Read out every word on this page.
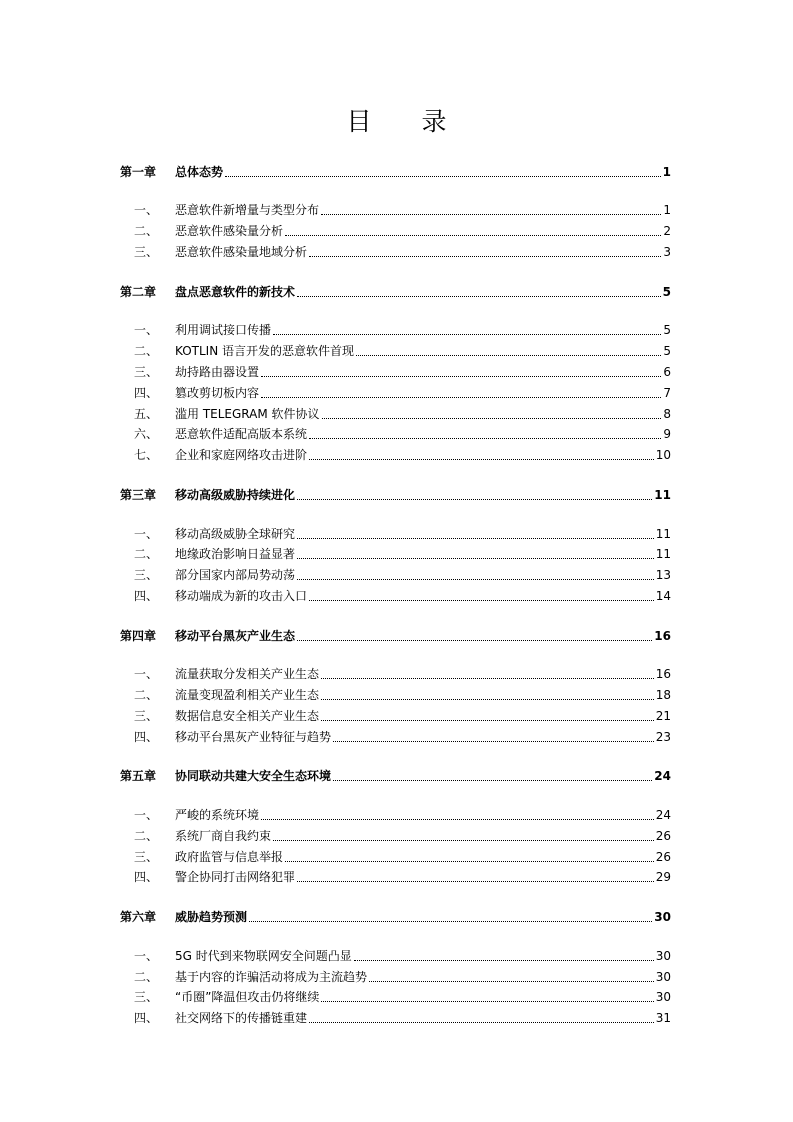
目　　录
第一章	总体态势	1
一、	恶意软件新增量与类型分布	1
二、	恶意软件感染量分析	2
三、	恶意软件感染量地域分析	3
第二章	盘点恶意软件的新技术	5
一、	利用调试接口传播	5
二、	KOTLIN 语言开发的恶意软件首现	5
三、	劫持路由器设置	6
四、	篡改剪切板内容	7
五、	滥用 TELEGRAM 软件协议	8
六、	恶意软件适配高版本系统	9
七、	企业和家庭网络攻击进阶	10
第三章	移动高级威胁持续进化	11
一、	移动高级威胁全球研究	11
二、	地缘政治影响日益显著	11
三、	部分国家内部局势动荡	13
四、	移动端成为新的攻击入口	14
第四章	移动平台黑灰产业生态	16
一、	流量获取分发相关产业生态	16
二、	流量变现盈利相关产业生态	18
三、	数据信息安全相关产业生态	21
四、	移动平台黑灰产业特征与趋势	23
第五章	协同联动共建大安全生态环境	24
一、	严峻的系统环境	24
二、	系统厂商自我约束	26
三、	政府监管与信息举报	26
四、	警企协同打击网络犯罪	29
第六章	威胁趋势预测	30
一、	5G 时代到来物联网安全问题凸显	30
二、	基于内容的诈骗活动将成为主流趋势	30
三、	“币圈”降温但攻击仍将继续	30
四、	社交网络下的传播链重建	31
